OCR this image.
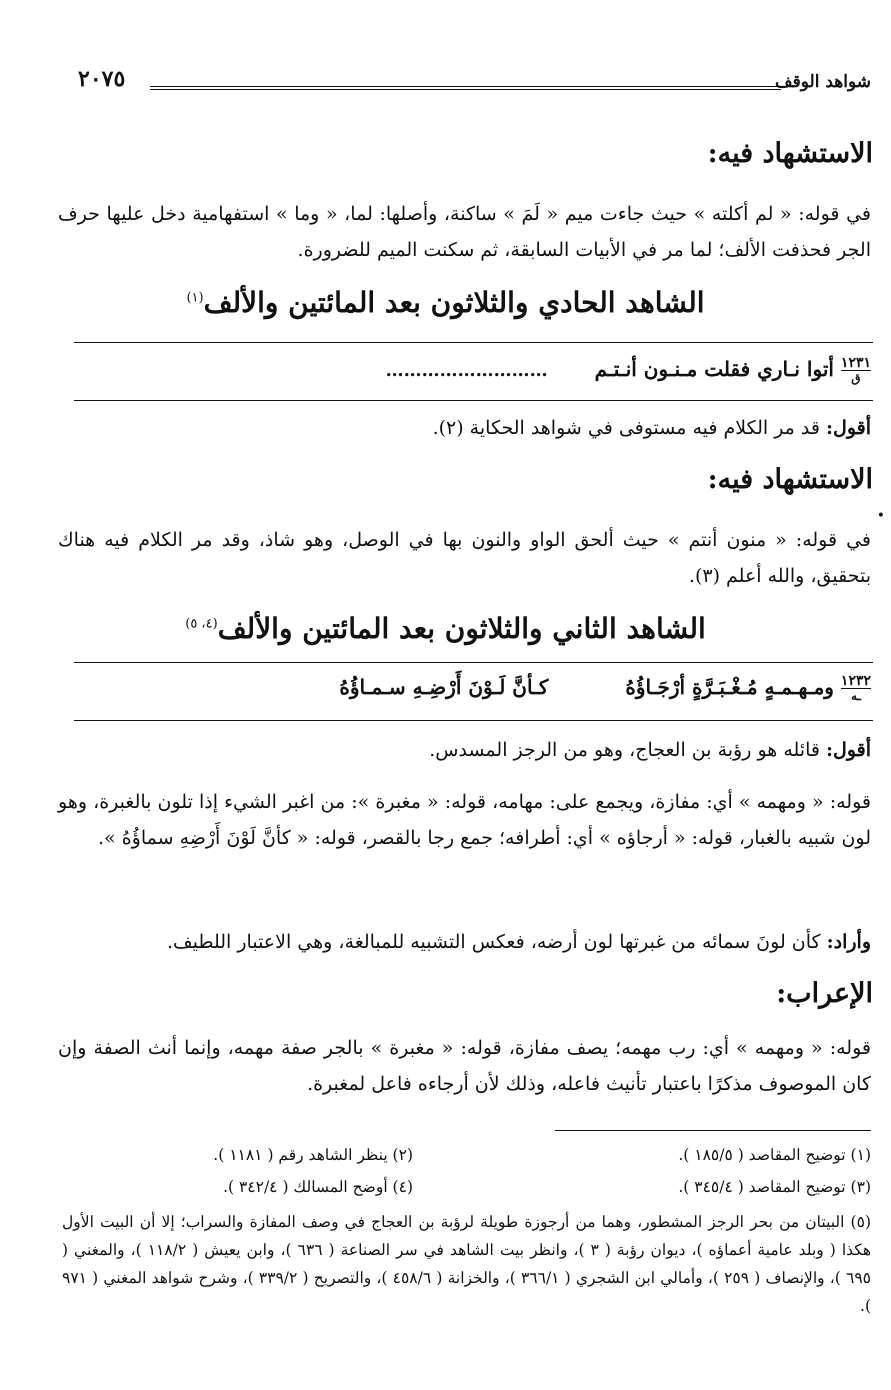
شواهد الوقف
٢٠٧٥
الاستشهاد فيه:
في قوله: « لم أكلته » حيث جاءت ميم « لَمَ » ساكنة، وأصلها: لما، « وما » استفهامية دخل عليها حرف الجر فحذفت الألف؛ لما مر في الأبيات السابقة، ثم سكنت الميم للضرورة.
الشاهد الحادي والثلاثون بعد المائتين والألف$^{(١)}$
١٢٣١
ق
أتوا نـاري فقلت مـنـون أنـتـم ………………………
أقول: قد مر الكلام فيه مستوفى في شواهد الحكاية (٢).
الاستشهاد فيه:
•
في قوله: « منون أنتم » حيث ألحق الواو والنون بها في الوصل، وهو شاذ، وقد مر الكلام فيه هناك بتحقيق، والله أعلم (٣).
الشاهد الثاني والثلاثون بعد المائتين والألف$^{(٤، ٥)}$
١٢٣٢
ـه
ومـهـمـهٍ مُـغْـبَـرَّةٍ أرْجَـاؤُهُ كـأنَّ لَـوْنَ أَرْضِـهِ سـمـاؤُهُ
أقول: قائله هو رؤبة بن العجاج، وهو من الرجز المسدس.
قوله: « ومهمه » أي: مفازة، ويجمع على: مهامه، قوله: « مغبرة »: من اغبر الشيء إذا تلون بالغبرة، وهو لون شبيه بالغبار، قوله: « أرجاؤه » أي: أطرافه؛ جمع رجا بالقصر، قوله: « كأنَّ لَوْنَ أَرْضِهِ سماؤُهُ ».
وأراد: كأن لونَ سمائه من غبرتها لون أرضه، فعكس التشبيه للمبالغة، وهي الاعتبار اللطيف.
الإعراب:
قوله: « ومهمه » أي: رب مهمه؛ يصف مفازة، قوله: « مغبرة » بالجر صفة مهمه، وإنما أنث الصفة وإن كان الموصوف مذكرًا باعتبار تأنيث فاعله، وذلك لأن أرجاءه فاعل لمغبرة.
(١) توضيح المقاصد ( ١٨٥/٥ ).
(٢) ينظر الشاهد رقم ( ١١٨١ ).
(٣) توضيح المقاصد ( ٣٤٥/٤ ).
(٤) أوضح المسالك ( ٣٤٢/٤ ).
(٥) البيتان من بحر الرجز المشطور، وهما من أرجوزة طويلة لرؤبة بن العجاج في وصف المفازة والسراب؛ إلا أن البيت الأول هكذا ( وبلد عامية أعماؤه )، ديوان رؤبة ( ٣ )، وانظر بيت الشاهد في سر الصناعة ( ٦٣٦ )، وابن يعيش ( ١١٨/٢ )، والمغني ( ٦٩٥ )، والإنصاف ( ٢٥٩ )، وأمالي ابن الشجري ( ٣٦٦/١ )، والخزانة ( ٤٥٨/٦ )، والتصريح ( ٣٣٩/٢ )، وشرح شواهد المغني ( ٩٧١ ).
